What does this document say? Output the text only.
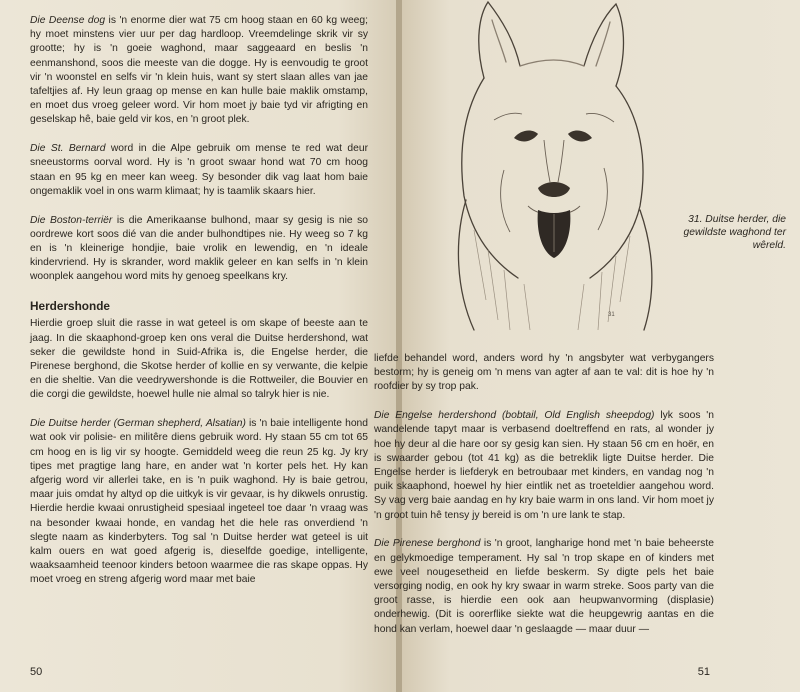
Die Deense dog is 'n enorme dier wat 75 cm hoog staan en 60 kg weeg; hy moet minstens vier uur per dag hardloop. Vreemdelinge skrik vir sy grootte; hy is 'n goeie waghond, maar saggeaard en beslis 'n eenmanshond, soos die meeste van die dogge. Hy is eenvoudig te groot vir 'n woonstel en selfs vir 'n klein huis, want sy stert slaan alles van jae tafeltjies af. Hy leun graag op mense en kan hulle baie maklik omstamp, en moet dus vroeg geleer word. Vir hom moet jy baie tyd vir afrigting en geselskap hê, baie geld vir kos, en 'n groot plek.

Die St. Bernard word in die Alpe gebruik om mense te red wat deur sneeustorms oorval word. Hy is 'n groot swaar hond wat 70 cm hoog staan en 95 kg en meer kan weeg. Sy besonder dik vag laat hom baie ongemaklik voel in ons warm klimaat; hy is taamlik skaars hier.

Die Boston-terriër is die Amerikaanse bulhond, maar sy gesig is nie so oordrewe kort soos dié van die ander bulhondtipes nie. Hy weeg so 7 kg en is 'n kleinerige hondjie, baie vrolik en lewendig, en 'n ideale kindervriend. Hy is skrander, word maklik geleer en kan selfs in 'n klein woonplek aangehou word mits hy genoeg speelkans kry.

Herdershonde

Hierdie groep sluit die rasse in wat geteel is om skape of beeste aan te jaag. In die skaaphond-groep ken ons veral die Duitse herdershond, wat seker die gewildste hond in Suid-Afrika is, die Engelse herder, die Pirenese berghond, die Skotse herder of kollie en sy verwante, die kelpie en die sheltie. Van die veedrywershonde is die Rottweiler, die Bouvier en die corgi die gewildste, hoewel hulle nie almal so talryk hier is nie.

Die Duitse herder (German shepherd, Alsatian) is 'n baie intelligente hond wat ook vir polisie- en militêre diens gebruik word. Hy staan 55 cm tot 65 cm hoog en is lig vir sy hoogte. Gemiddeld weeg die reun 25 kg. Jy kry tipes met pragtige lang hare, en ander wat 'n korter pels het. Hy kan afgerig word vir allerlei take, en is 'n puik waghond. Hy is baie getrou, maar juis omdat hy altyd op die uitkyk is vir gevaar, is hy dikwels onrustig. Hierdie herdie kwaai onrustigheid spesiaal ingeteel toe daar 'n vraag was na besonder kwaai honde, en vandag het die hele ras onverdiend 'n slegte naam as kinderbyters. Tog sal 'n Duitse herder wat geteel is uit kalm ouers en wat goed afgerig is, dieselfde goedige, intelligente, waaksaamheid teenoor kinders betoon waarmee die ras skape oppas. Hy moet vroeg en streng afgerig word maar met baie

50
31
31. Duitse herder, die gewildste waghond ter wêreld.

liefde behandel word, anders word hy 'n angsbyter wat verbygangers bestorm; hy is geneig om 'n mens van agter af aan te val: dit is hoe hy 'n roofdier by sy trop pak.

Die Engelse herdershond (bobtail, Old English sheepdog) lyk soos 'n wandelende tapyt maar is verbasend doeltreffend en rats, al wonder jy hoe hy deur al die hare oor sy gesig kan sien. Hy staan 56 cm en hoër, en is swaarder gebou (tot 41 kg) as die betreklik ligte Duitse herder. Die Engelse herder is liefderyk en betroubaar met kinders, en vandag nog 'n puik skaaphond, hoewel hy hier eintlik net as troeteldier aangehou word. Sy vag verg baie aandag en hy kry baie warm in ons land. Vir hom moet jy 'n groot tuin hê tensy jy bereid is om 'n ure lank te stap.

Die Pirenese berghond is 'n groot, langharige hond met 'n baie beheerste en gelykmoedige temperament. Hy sal 'n trop skape en of kinders met ewe veel nougesetheid en liefde beskerm. Sy digte pels het baie versorging nodig, en ook hy kry swaar in warm streke. Soos party van die groot rasse, is hierdie een ook aan heupwanvorming (displasie) onderhewig. (Dit is oorerflike siekte wat die heupgewrig aantas en die hond kan verlam, hoewel daar 'n geslaagde — maar duur —

51
